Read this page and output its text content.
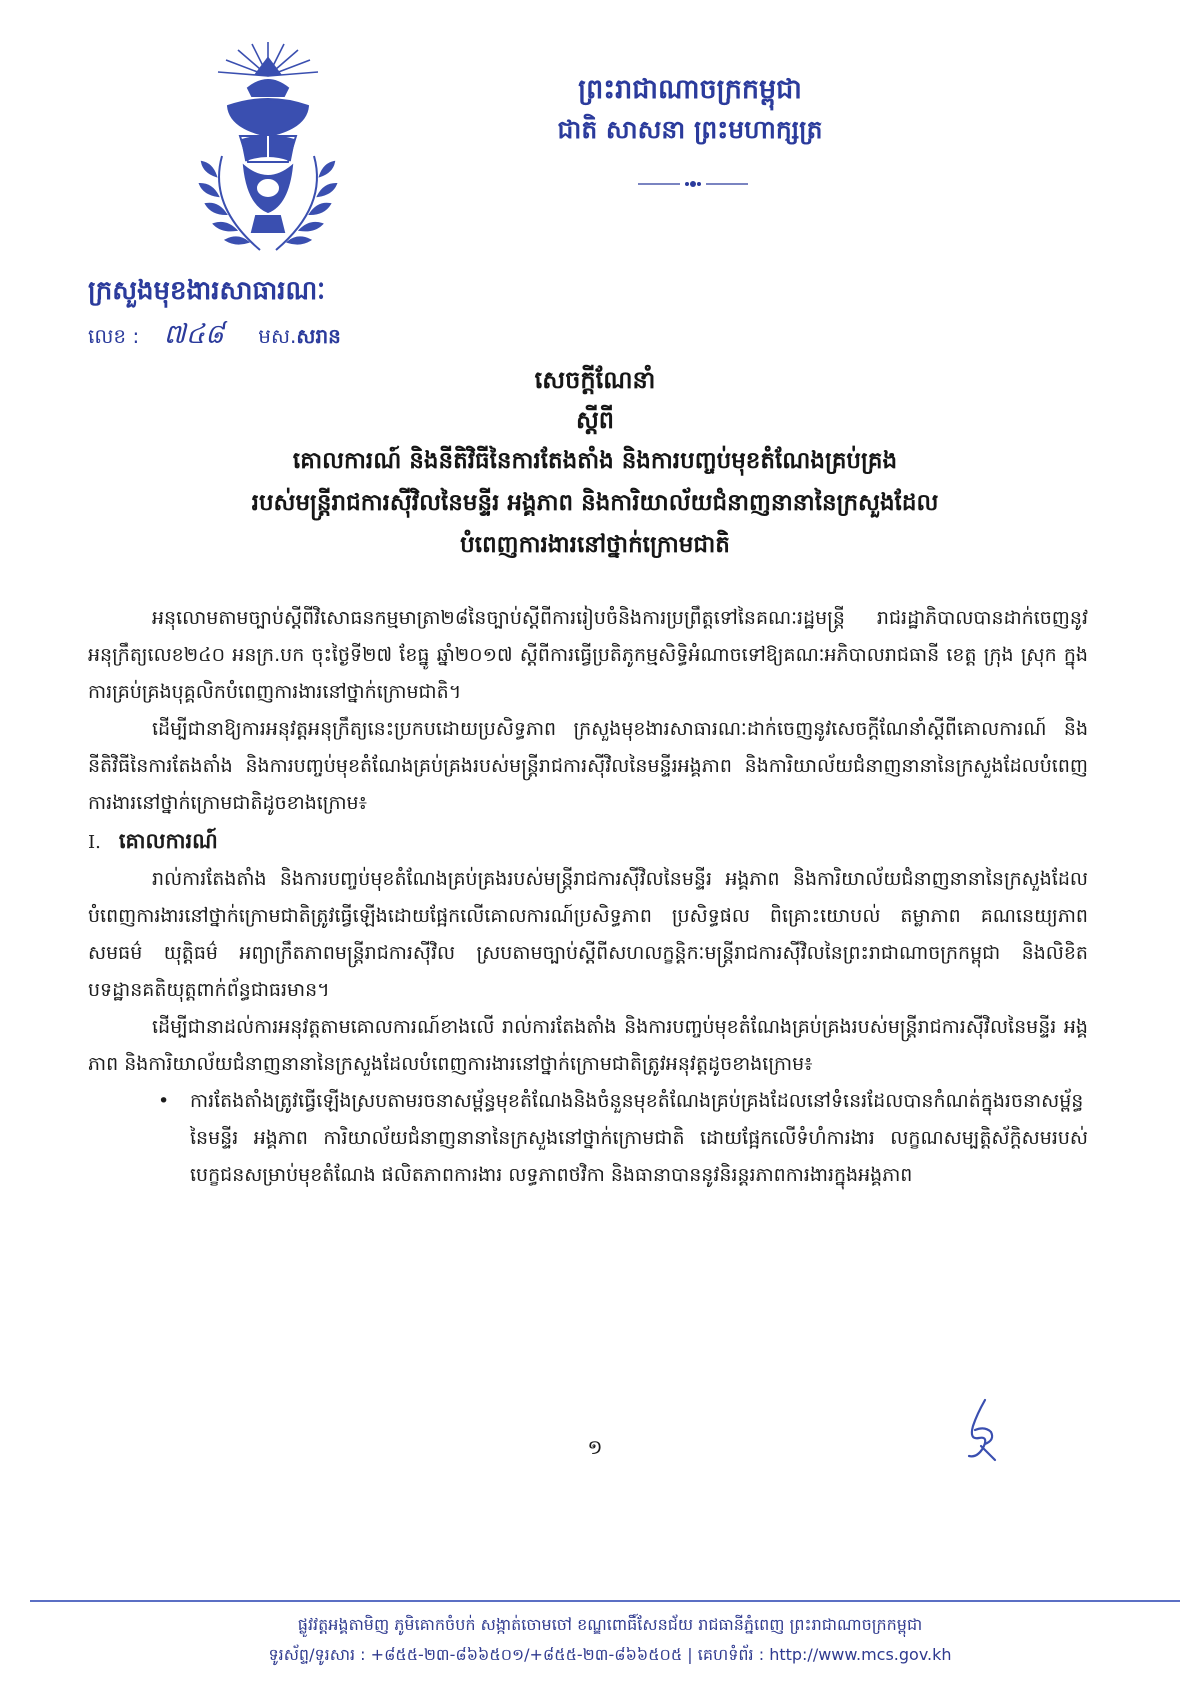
ព្រះរាជាណាចក្រកម្ពុជា
ជាតិ សាសនា ព្រះមហាក្សត្រ
ក្រសួងមុខងារសាធារណៈ
លេខ : ៧៤៨ មស.សរាន
សេចក្តីណែនាំ
ស្តីពី
គោលការណ៍ និងនីតិវិធីនៃការតែងតាំង និងការបញ្ចប់មុខតំណែងគ្រប់គ្រង
របស់មន្ត្រីរាជការស៊ីវិលនៃមន្ទីរ អង្គភាព និងការិយាល័យជំនាញនានានៃក្រសួងដែល
បំពេញការងារនៅថ្នាក់ក្រោមជាតិ

អនុលោមតាមច្បាប់ស្តីពីវិសោធនកម្មមាត្រា២៨នៃច្បាប់ស្តីពីការរៀបចំនិងការប្រព្រឹត្តទៅនៃគណៈរដ្ឋមន្ត្រី រាជរដ្ឋាភិបាលបានដាក់ចេញនូវអនុក្រឹត្យលេខ២៤០ អនក្រ.បក ចុះថ្ងៃទី២៧ ខែធ្នូ ឆ្នាំ២០១៧ ស្តីពីការធ្វើប្រតិភូកម្មសិទ្ធិអំណាចទៅឱ្យគណៈអភិបាលរាជធានី ខេត្ត ក្រុង ស្រុក ក្នុងការគ្រប់គ្រងបុគ្គលិកបំពេញការងារនៅថ្នាក់ក្រោមជាតិ។

ដើម្បីជានាឱ្យការអនុវត្តអនុក្រឹត្យនេះប្រកបដោយប្រសិទ្ធភាព ក្រសួងមុខងារសាធារណៈដាក់ចេញនូវសេចក្តីណែនាំស្តីពីគោលការណ៍ និងនីតិវិធីនៃការតែងតាំង និងការបញ្ចប់មុខតំណែងគ្រប់គ្រងរបស់មន្ត្រីរាជការស៊ីវិលនៃមន្ទីរអង្គភាព និងការិយាល័យជំនាញនានានៃក្រសួងដែលបំពេញការងារនៅថ្នាក់ក្រោមជាតិដូចខាងក្រោម៖

I. គោលការណ៍

រាល់ការតែងតាំង និងការបញ្ចប់មុខតំណែងគ្រប់គ្រងរបស់មន្ត្រីរាជការស៊ីវិលនៃមន្ទីរ អង្គភាព និងការិយាល័យជំនាញនានានៃក្រសួងដែលបំពេញការងារនៅថ្នាក់ក្រោមជាតិត្រូវធ្វើឡើងដោយផ្អែកលើគោលការណ៍ប្រសិទ្ធភាព ប្រសិទ្ធផល ពិគ្រោះយោបល់ តម្លាភាព គណនេយ្យភាព សមធម៌ យុត្តិធម៌ អព្យាក្រឹតភាពមន្ត្រីរាជការស៊ីវិល ស្របតាមច្បាប់ស្តីពីសហលក្ខន្តិកៈមន្ត្រីរាជការស៊ីវិលនៃព្រះរាជាណាចក្រកម្ពុជា និងលិខិតបទដ្ឋានគតិយុត្តពាក់ព័ន្ធជាធរមាន។

ដើម្បីជានាដល់ការអនុវត្តតាមគោលការណ៍ខាងលើ រាល់ការតែងតាំង និងការបញ្ចប់មុខតំណែងគ្រប់គ្រងរបស់មន្ត្រីរាជការស៊ីវិលនៃមន្ទីរ អង្គភាព និងការិយាល័យជំនាញនានានៃក្រសួងដែលបំពេញការងារនៅថ្នាក់ក្រោមជាតិត្រូវអនុវត្តដូចខាងក្រោម៖

• ការតែងតាំងត្រូវធ្វើឡើងស្របតាមរចនាសម្ព័ន្ធមុខតំណែងនិងចំនួនមុខតំណែងគ្រប់គ្រងដែលនៅទំនេរដែលបានកំណត់ក្នុងរចនាសម្ព័ន្ធនៃមន្ទីរ អង្គភាព ការិយាល័យជំនាញនានានៃក្រសួងនៅថ្នាក់ក្រោមជាតិ ដោយផ្អែកលើទំហំការងារ លក្ខណសម្បត្តិស័ក្តិសមរបស់បេក្ខជនសម្រាប់មុខតំណែង ផលិតភាពការងារ លទ្ធភាពថវិកា និងធានាបាននូវនិរន្តរភាពការងារក្នុងអង្គភាព

១
ផ្លូវវត្តអង្គតាមិញ ភូមិគោកចំបក់ សង្កាត់ចោមចៅ ខណ្ឌពោធិ៍សែនជ័យ រាជធានីភ្នំពេញ ព្រះរាជាណាចក្រកម្ពុជា
ទូរស័ព្ទ/ទូរសារ : +៨៥៥-២៣-៨៦៦៥០១/+៨៥៥-២៣-៨៦៦៥០៥ | គេហទំព័រ : http://www.mcs.gov.kh
